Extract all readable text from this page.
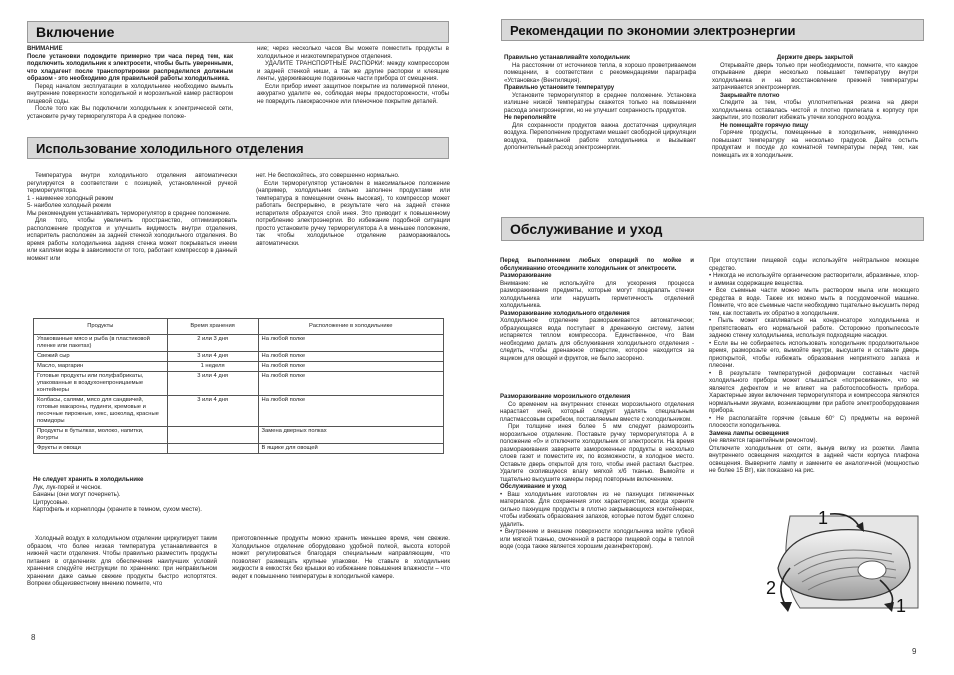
Включение

ВНИМАНИЕ

После установки подождите примерно три часа перед тем, как подключить холодильник к электросети, чтобы быть уверенными, что хладагент после транспортировки распределился должным образом - это необходимо для правильной работы холодильника.

Перед началом эксплуатации в холодильнике необходимо вымыть внутренние поверхности холодильной и морозильной камер раствором пищевой соды.

После того как Вы подключили холодильник к электрической сети, установите ручку терморегулятора A в среднее положе-

ние; через несколько часов Вы можете поместить продукты в холодильное и низкотемпературное отделения.

УДАЛИТЕ ТРАНСПОРТНЫЕ РАСПОРКИ: между компрессором и задней стенкой ниши, а так же другие распорки и клеящие ленты, удерживающие подвижные части прибора от смещения.

Если прибор имеет защитное покрытие из полимерной пленки, аккуратно удалите ее, соблюдая меры предосторожности, чтобы не повредить лакокрасочное или пленочное покрытие деталей.

Использование холодильного отделения

Температура внутри холодильного отделения автоматически регулируется в соответствии с позицией, установленной ручкой терморегулятора.

1 - наименее холодный режим

5- наиболее холодный режим

Мы рекомендуем устанавливать терморегулятор в среднее положение.

Для того, чтобы увеличить пространство, оптимизировать расположение продуктов и улучшить видимость внутри отделения, испаритель расположен за задней стенкой холодильного отделения. Во время работы холодильника задняя стенка может покрываться инеем или каплями воды в зависимости от того, работает компрессор в данный момент или

нет. Не беспокойтесь, это совершенно нормально.

Если терморегулятор установлен в максимальное положение (например, холодильник сильно заполнен продуктами или температура в помещении очень высокая), то компрессор может работать беспрерывно, в результате чего на задней стенке испарителя образуется слой инея. Это приводит к повышенному потреблению электроэнергии. Во избежание подобной ситуации просто установите ручку терморегулятора A в меньшее положение, так чтобы холодильное отделение размораживалось автоматически.

Продукты	Время хранения	Расположение в холодильнике
Упакованные мясо и рыба (в пластиковой пленке или пакетах)	2 или 3 дня	На любой полке
Свежий сыр	3 или 4 дня	На любой полке
Масло, маргарин	1 неделя	На любой полке
Готовые продукты или полуфабрикаты, упакованные в воздухонепроницаемые контейнеры	3 или 4 дня	На любой полке
Колбасы, салями, мясо для сандвичей, готовые макароны, пудинги, кремовые и песочные пирожные, кекс, шоколад, красные помидоры	3 или 4 дня	На любой полке
Продукты в бутылках, молоко, напитки, йогурты		Замена дверных полках
Фрукты и овощи		В ящике для овощей

Не следует хранить в холодильнике

Лук, лук-порей и чеснок.

Бананы (они могут почернеть).

Цитрусовые.

Картофель и корнеплоды (храните в темном, сухом месте).

Холодный воздух в холодильном отделении циркулирует таким образом, что более низкая температура устанавливается в нижней части отделения. Чтобы правильно разместить продукты питания в отделениях для обеспечения наилучших условий хранения следуйте инструкции по хранению: при неправильном хранении даже самые свежие продукты быстро испортятся. Вопреки общеизвестному мнению помните, что

приготовленные продукты можно хранить меньшее время, чем свежие. Холодильное отделение оборудовано удобной полкой, высота которой может регулироваться благодаря специальным направляющим, что позволяет размещать крупные упаковки. Не ставьте в холодильник жидкости в емкостях без крышки во избежание повышения влажности – что ведет к повышению температуры в холодильной камере.

8
Рекомендации по экономии электроэнергии

Правильно устанавливайте холодильник

На расстоянии от источников тепла, в хорошо проветриваемом помещении, в соответствии с рекомендациями параграфа «Установка» (Вентиляция).

Правильно установите температуру

Установите терморегулятор в среднее положение. Установка излишне низкой температуры скажется только на повышении расхода электроэнергии, но не улучшит сохранность продуктов.

Не переполняйте

Для сохранности продуктов важна достаточная циркуляция воздуха. Переполнение продуктами мешает свободной циркуляции воздуха, правильной работе холодильника и вызывает дополнительный расход электроэнергии.

Держите дверь закрытой

Открывайте дверь только при необходимости, помните, что каждое открывание двери несколько повышает температуру внутри холодильника и на восстановление прежней температуры затрачивается электроэнергия.

Закрывайте плотно

Следите за тем, чтобы уплотнительная резина на двери холодильника оставалась чистой и плотно прилегала к корпусу при закрытии, это позволит избежать утечки холодного воздуха.

Не помещайте горячую пищу

Горячие продукты, помещенные в холодильник, немедленно повышают температуру на несколько градусов. Дайте остыть продуктам и посуде до комнатной температуры перед тем, как помещать их в холодильник.

Обслуживание и уход

Перед выполнением любых операций по мойке и обслуживанию отсоедините холодильник от электросети.

Размораживание

Внимание: не используйте для ускорения процесса размораживания предметы, которые могут поцарапать стенки холодильника или нарушить герметичность отделений холодильника.

Размораживание холодильного отделения

Холодильное отделение размораживается автоматически; образующаяся вода поступает в дренажную систему, затем испаряется теплом компрессора. Единственное, что Вам необходимо делать для обслуживания холодильного отделения - следить, чтобы дренажное отверстие, которое находится за ящиком для овощей и фруктов, не было засорено.

Размораживание морозильного отделения

Со временем на внутренних стенках морозильного отделения нарастает иней, который следует удалять специальным пластмассовым скребком, поставляемым вместе с холодильником.

При толщине инея более 5 мм следует разморозить морозильное отделение. Поставьте ручку терморегулятора A в положение «0» и отключите холодильник от электросети. На время размораживания заверните замороженные продукты в несколько слоев газет и поместите их, по возможности, в холодное место. Оставьте дверь открытой для того, чтобы иней растаял быстрее. Удалите скопившуюся влагу мягкой х/б тканью. Вымойте и тщательно высушите камеры перед повторным включением.

Обслуживание и уход

• Ваш холодильник изготовлен из не пахнущих гигиеничных материалов. Для сохранения этих характеристик, всегда храните сильно пахнущие продукты в плотно закрывающихся контейнерах, чтобы избежать образования запахов, которые потом будет сложно удалить.

• Внутренние и внешние поверхности холодильника мойте губкой или мягкой тканью, смоченной в растворе пищевой соды в теплой воде (сода также является хорошим дезинфектором).

При отсутствии пищевой соды используйте нейтральное моющее средство.

• Никогда не используйте органические растворители, абразивные, хлор- и аммиак содержащие вещества.

• Все съемные части можно мыть раствором мыла или моющего средства в воде. Также их можно мыть в посудомоечной машине. Помните, что все съемные части необходимо тщательно высушить перед тем, как поставить их обратно в холодильник.

• Пыль может скапливаться на конденсаторе холодильника и препятствовать его нормальной работе. Осторожно пропылесосьте заднюю стенку холодильника, используя подходящие насадки.

• Если вы не собираетесь использовать холодильник продолжительное время, разморозьте его, вымойте внутри, высушите и оставьте дверь приоткрытой, чтобы избежать образования неприятного запаха и плесени.

• В результате температурной деформации составных частей холодильного прибора может слышаться «потрескивание», что не является дефектом и не влияет на работоспособность прибора. Характерные звуки включения терморегулятора и компрессора являются нормальными звуками, возникающими при работе электрооборудования прибора.

• Не располагайте горячие (свыше 60° C) предметы на верхней плоскости холодильника.

Замена лампы освещения

(не является гарантийным ремонтом).

Отключите холодильник от сети, вынув вилку из розетки. Лампа внутреннего освещения находится в задней части корпуса плафона освещения. Выверните лампу и замените ее аналогичной (мощностью не более 15 Вт), как показано на рис.

1
2
1
9
